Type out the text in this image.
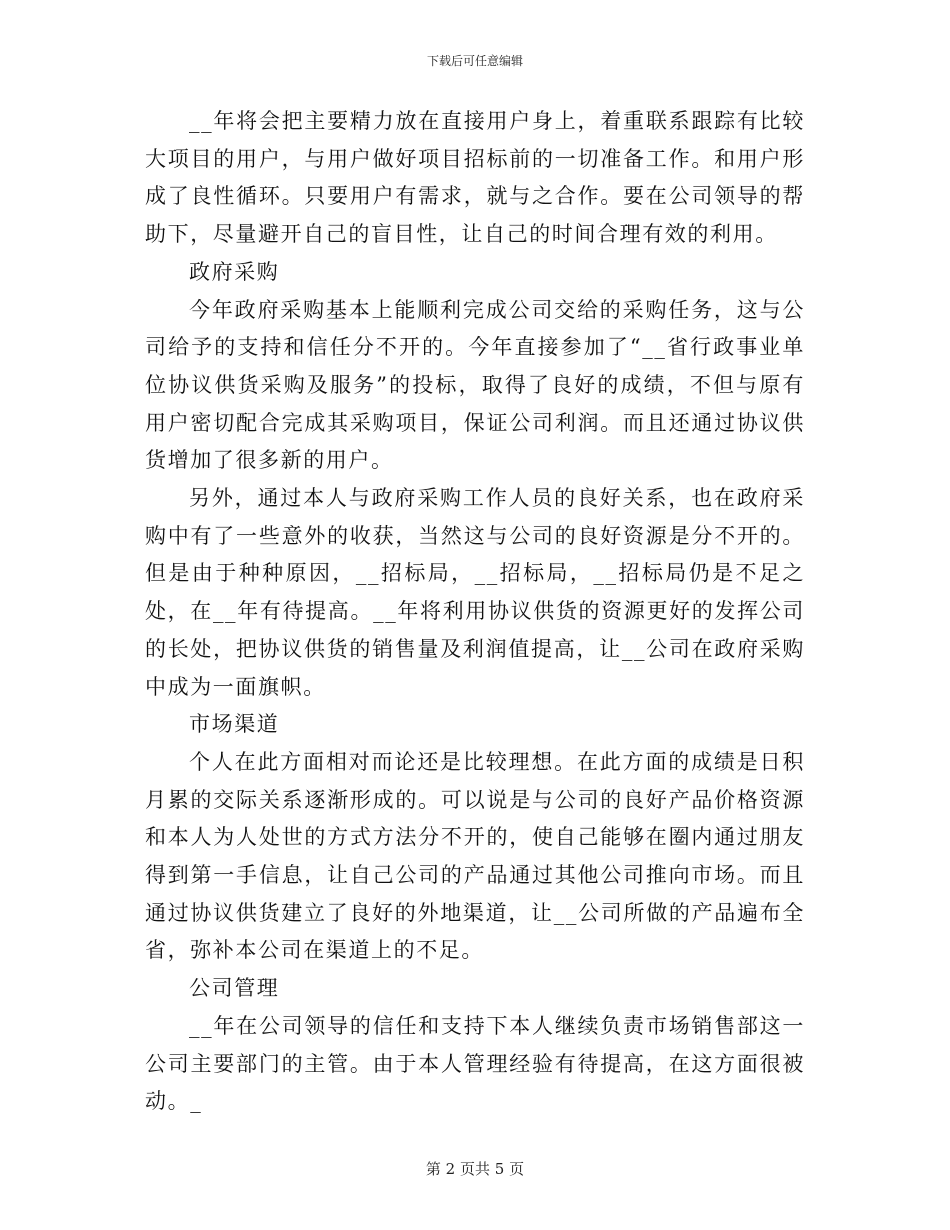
下载后可任意编辑

__年将会把主要精力放在直接用户身上，着重联系跟踪有比较大项目的用户，与用户做好项目招标前的一切准备工作。和用户形成了良性循环。只要用户有需求，就与之合作。要在公司领导的帮助下，尽量避开自己的盲目性，让自己的时间合理有效的利用。

政府采购

今年政府采购基本上能顺利完成公司交给的采购任务，这与公司给予的支持和信任分不开的。今年直接参加了“__省行政事业单位协议供货采购及服务”的投标，取得了良好的成绩，不但与原有用户密切配合完成其采购项目，保证公司利润。而且还通过协议供货增加了很多新的用户。

另外，通过本人与政府采购工作人员的良好关系，也在政府采购中有了一些意外的收获，当然这与公司的良好资源是分不开的。但是由于种种原因，__招标局，__招标局，__招标局仍是不足之处，在__年有待提高。__年将利用协议供货的资源更好的发挥公司的长处，把协议供货的销售量及利润值提高，让__公司在政府采购中成为一面旗帜。

市场渠道

个人在此方面相对而论还是比较理想。在此方面的成绩是日积月累的交际关系逐渐形成的。可以说是与公司的良好产品价格资源和本人为人处世的方式方法分不开的，使自己能够在圈内通过朋友得到第一手信息，让自己公司的产品通过其他公司推向市场。而且通过协议供货建立了良好的外地渠道，让__公司所做的产品遍布全省，弥补本公司在渠道上的不足。

公司管理

__年在公司领导的信任和支持下本人继续负责市场销售部这一公司主要部门的主管。由于本人管理经验有待提高，在这方面很被动。_

第 2 页共 5 页
